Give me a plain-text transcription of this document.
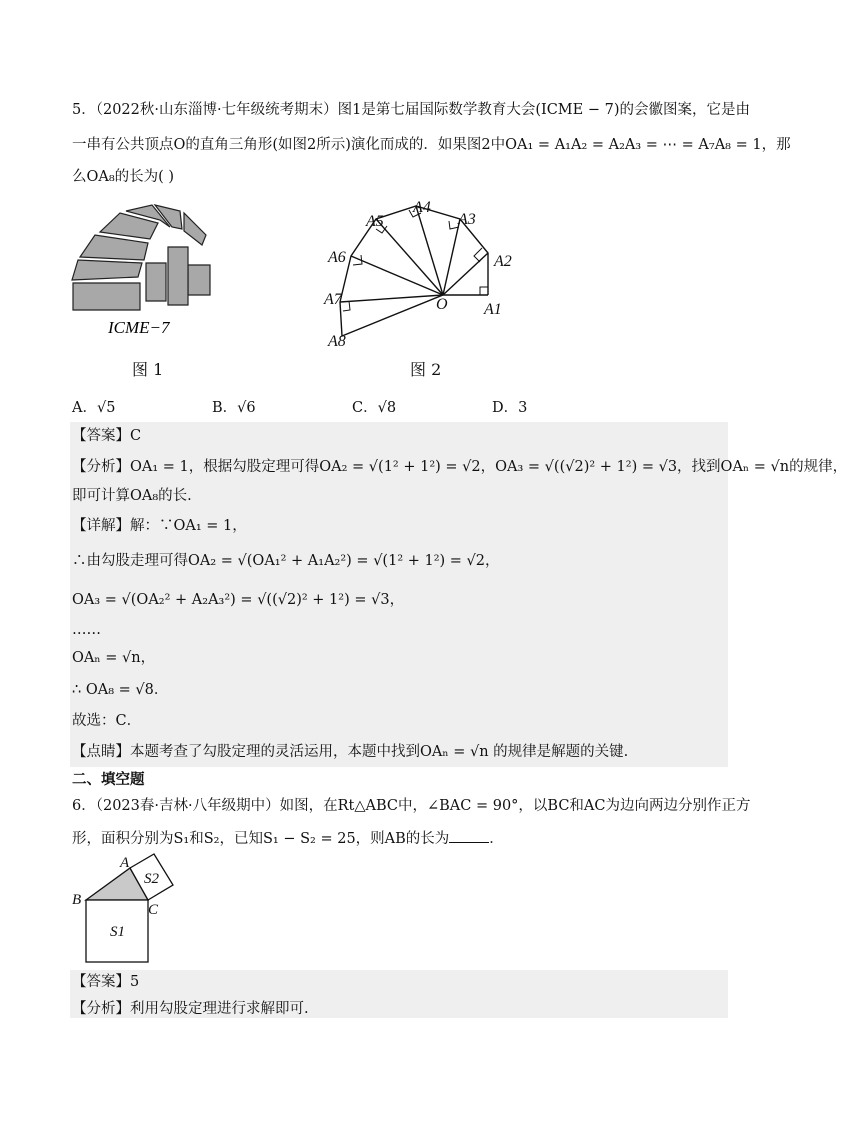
5．（2022秋·山东淄博·七年级统考期末）图1是第七届国际数学教育大会(ICME − 7)的会徽图案，它是由
一串有公共顶点O的直角三角形(如图2所示)演化而成的．如果图2中OA₁ = A₁A₂ = A₂A₃ = ⋯ = A₇A₈ = 1，那
么OA₈的长为( )
ICME−7
图 1
O A1
A2
A3
A4
A5
A6
A7
A8
图 2
A．√5	B．√6	C．√8	D．3
【答案】C
【分析】OA₁ = 1，根据勾股定理可得OA₂ = √(1² + 1²) = √2，OA₃ = √((√2)² + 1²) = √3，找到OAₙ = √n的规律，
即可计算OA₈的长.
【详解】解：∵OA₁ = 1，
∴由勾股走理可得OA₂ = √(OA₁² + A₁A₂²) = √(1² + 1²) = √2，
OA₃ = √(OA₂² + A₂A₃²) = √((√2)² + 1²) = √3，
……
OAₙ = √n，
∴ OA₈ = √8．
故选：C．
【点睛】本题考查了勾股定理的灵活运用，本题中找到OAₙ = √n 的规律是解题的关键.
二、填空题
6．（2023春·吉林·八年级期中）如图，在Rt△ABC中，∠BAC = 90°，以BC和AC为边向两边分别作正方
形，面积分别为S₁和S₂，已知S₁ − S₂ = 25，则AB的长为	．
A
B
C
S2
S1
【答案】5
【分析】利用勾股定理进行求解即可.
